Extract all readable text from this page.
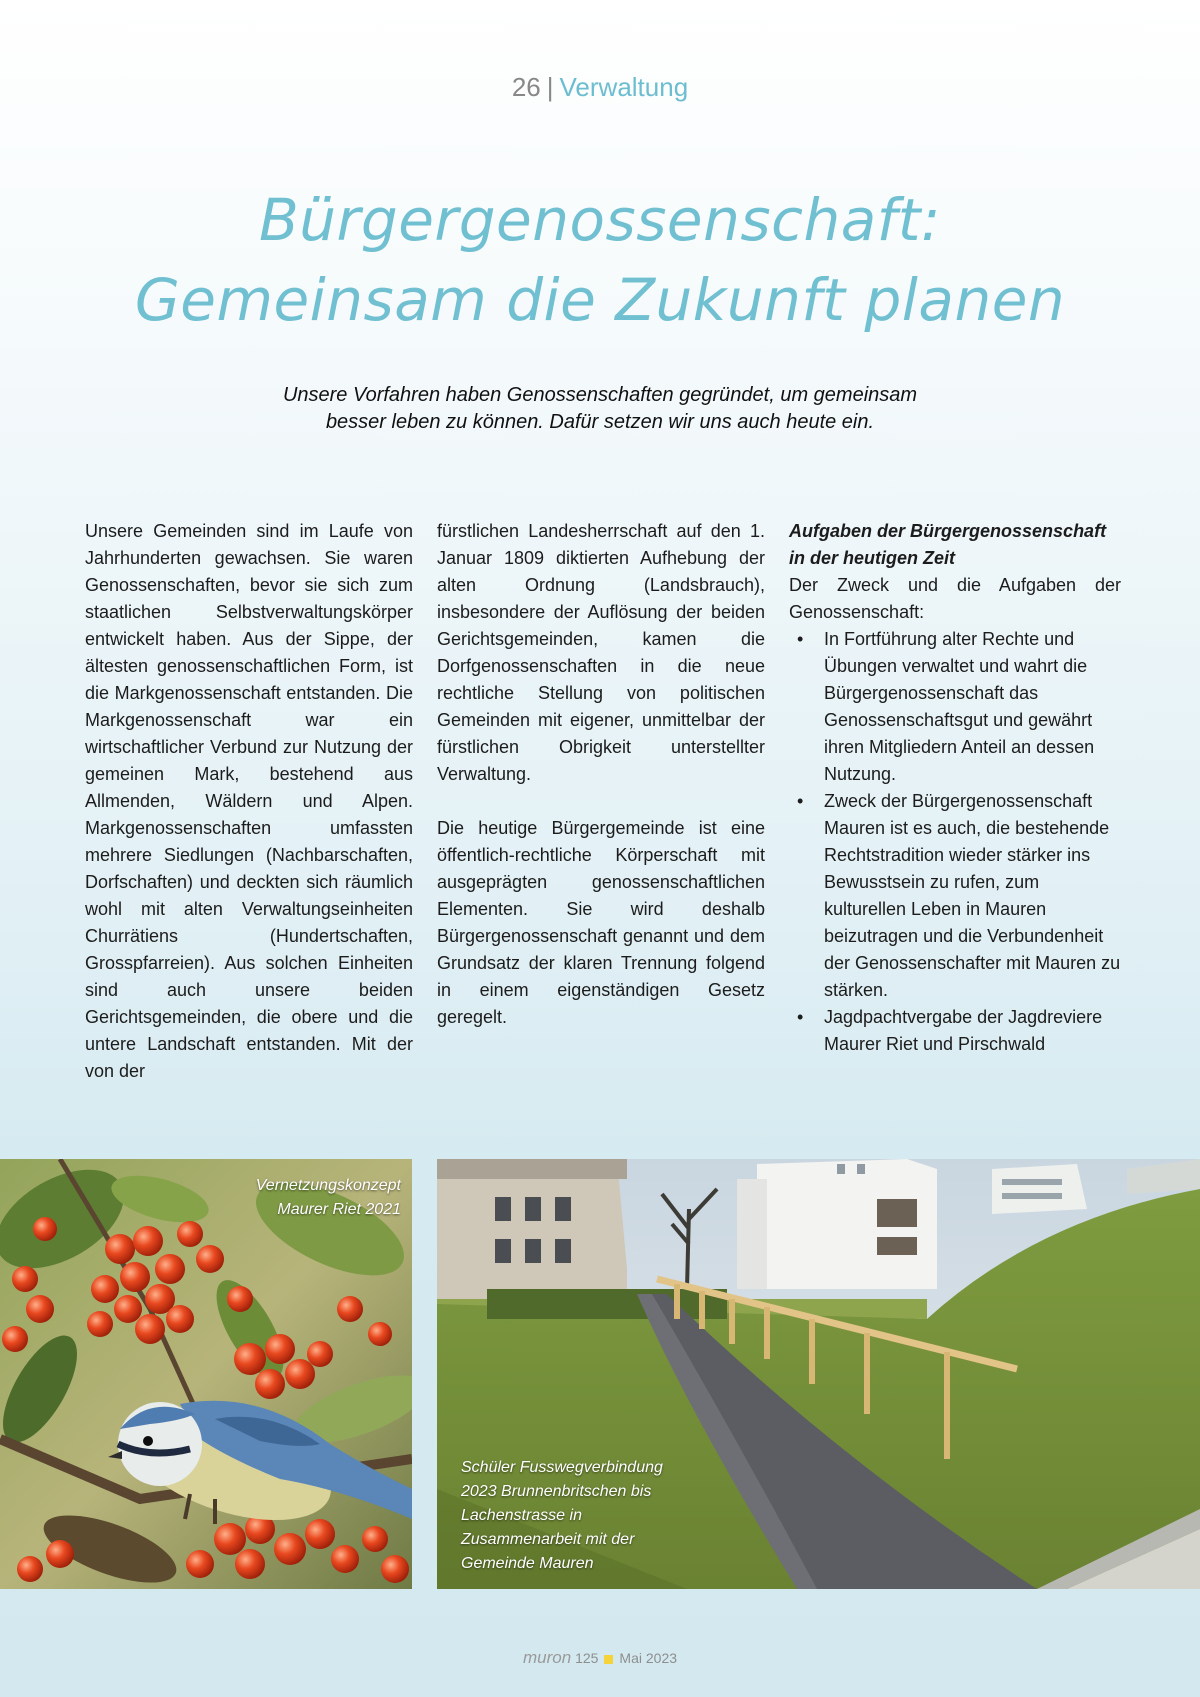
26 | Verwaltung
Bürgergenossenschaft:
Gemeinsam die Zukunft planen
Unsere Vorfahren haben Genossenschaften gegründet, um gemeinsam
besser leben zu können. Dafür setzen wir uns auch heute ein.

Unsere Gemeinden sind im Laufe von Jahrhunderten gewachsen. Sie waren Genossenschaften, bevor sie sich zum staatlichen Selbstverwaltungskörper entwickelt haben. Aus der Sippe, der ältesten genossenschaftlichen Form, ist die Markgenossenschaft entstanden. Die Markgenossenschaft war ein wirtschaftlicher Verbund zur Nutzung der gemeinen Mark, bestehend aus Allmenden, Wäldern und Alpen. Markgenossenschaften umfassten mehrere Siedlungen (Nachbarschaften, Dorfschaften) und deckten sich räumlich wohl mit alten Verwaltungseinheiten Churrätiens (Hundertschaften, Grosspfarreien). Aus solchen Einheiten sind auch unsere beiden Gerichtsgemeinden, die obere und die untere Landschaft entstanden. Mit der von der

fürstlichen Landesherrschaft auf den 1. Januar 1809 diktierten Aufhebung der alten Ordnung (Landsbrauch), insbesondere der Auflösung der beiden Gerichtsgemeinden, kamen die Dorfgenossenschaften in die neue rechtliche Stellung von politischen Gemeinden mit eigener, unmittelbar der fürstlichen Obrigkeit unterstellter Verwaltung.

Die heutige Bürgergemeinde ist eine öffentlich-rechtliche Körperschaft mit ausgeprägten genossenschaftlichen Elementen. Sie wird deshalb Bürgergenossenschaft genannt und dem Grundsatz der klaren Trennung folgend in einem eigenständigen Gesetz geregelt.

Aufgaben der Bürgergenossenschaft
in der heutigen Zeit

Der Zweck und die Aufgaben der Genossenschaft:

• In Fortführung alter Rechte und Übungen verwaltet und wahrt die Bürgergenossenschaft das Genossenschaftsgut und gewährt ihren Mitgliedern Anteil an dessen Nutzung.
• Zweck der Bürgergenossenschaft Mauren ist es auch, die bestehende Rechtstradition wieder stärker ins Bewusstsein zu rufen, zum kulturellen Leben in Mauren beizutragen und die Verbundenheit der Genossenschafter mit Mauren zu stärken.
• Jagdpachtvergabe der Jagdreviere Maurer Riet und Pirschwald
Vernetzungskonzept
Maurer Riet 2021
Schüler Fusswegverbindung 2023 Brunnenbritschen bis Lachenstrasse in Zusammenarbeit mit der Gemeinde Mauren
muron 125 Mai 2023
